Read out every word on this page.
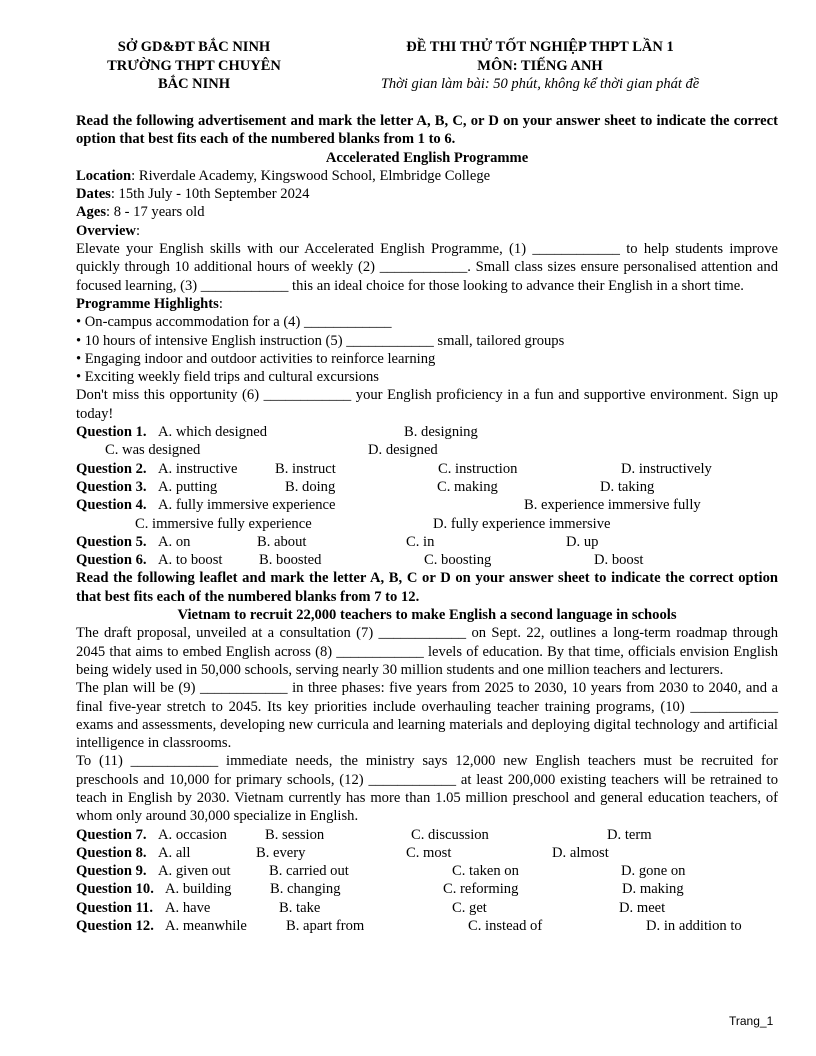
SỞ GD&ĐT BẮC NINH
TRƯỜNG THPT CHUYÊN
BẮC NINH
ĐỀ THI THỬ TỐT NGHIỆP THPT LẦN 1
MÔN: TIẾNG ANH
Thời gian làm bài: 50 phút, không kể thời gian phát đề

Read the following advertisement and mark the letter A, B, C, or D on your answer sheet to indicate the correct option that best fits each of the numbered blanks from 1 to 6.

Accelerated English Programme

Location: Riverdale Academy, Kingswood School, Elmbridge College

Dates: 15th July - 10th September 2024

Ages: 8 - 17 years old

Overview:

Elevate your English skills with our Accelerated English Programme, (1) ____________ to help students improve quickly through 10 additional hours of weekly (2) ____________. Small class sizes ensure personalised attention and focused learning, (3) ____________ this an ideal choice for those looking to advance their English in a short time.

Programme Highlights:

• On-campus accommodation for a (4) ____________

• 10 hours of intensive English instruction (5) ____________ small, tailored groups

• Engaging indoor and outdoor activities to reinforce learning

• Exciting weekly field trips and cultural excursions

Don't miss this opportunity (6) ____________ your English proficiency in a fun and supportive environment. Sign up today!

Question 1. A. which designed	B. designing
C. was designed	D. designed
Question 2. A. instructive	B. instruct	C. instruction	D. instructively
Question 3. A. putting	B. doing	C. making	D. taking
Question 4. A. fully immersive experience	B. experience immersive fully
C. immersive fully experience	D. fully experience immersive
Question 5. A. on	B. about	C. in	D. up
Question 6. A. to boost	B. boosted	C. boosting	D. boost

Read the following leaflet and mark the letter A, B, C or D on your answer sheet to indicate the correct option that best fits each of the numbered blanks from 7 to 12.

Vietnam to recruit 22,000 teachers to make English a second language in schools

The draft proposal, unveiled at a consultation (7) ____________ on Sept. 22, outlines a long-term roadmap through 2045 that aims to embed English across (8) ____________ levels of education. By that time, officials envision English being widely used in 50,000 schools, serving nearly 30 million students and one million teachers and lecturers.

The plan will be (9) ____________ in three phases: five years from 2025 to 2030, 10 years from 2030 to 2040, and a final five-year stretch to 2045. Its key priorities include overhauling teacher training programs, (10) ____________ exams and assessments, developing new curricula and learning materials and deploying digital technology and artificial intelligence in classrooms.

To (11) ____________ immediate needs, the ministry says 12,000 new English teachers must be recruited for preschools and 10,000 for primary schools, (12) ____________ at least 200,000 existing teachers will be retrained to teach in English by 2030. Vietnam currently has more than 1.05 million preschool and general education teachers, of whom only around 30,000 specialize in English.

Question 7. A. occasion	B. session	C. discussion	D. term
Question 8. A. all	B. every	C. most	D. almost
Question 9. A. given out	B. carried out	C. taken on	D. gone on
Question 10. A. building	B. changing	C. reforming	D. making
Question 11. A. have	B. take	C. get	D. meet
Question 12. A. meanwhile	B. apart from	C. instead of	D. in addition to
Trang_1
